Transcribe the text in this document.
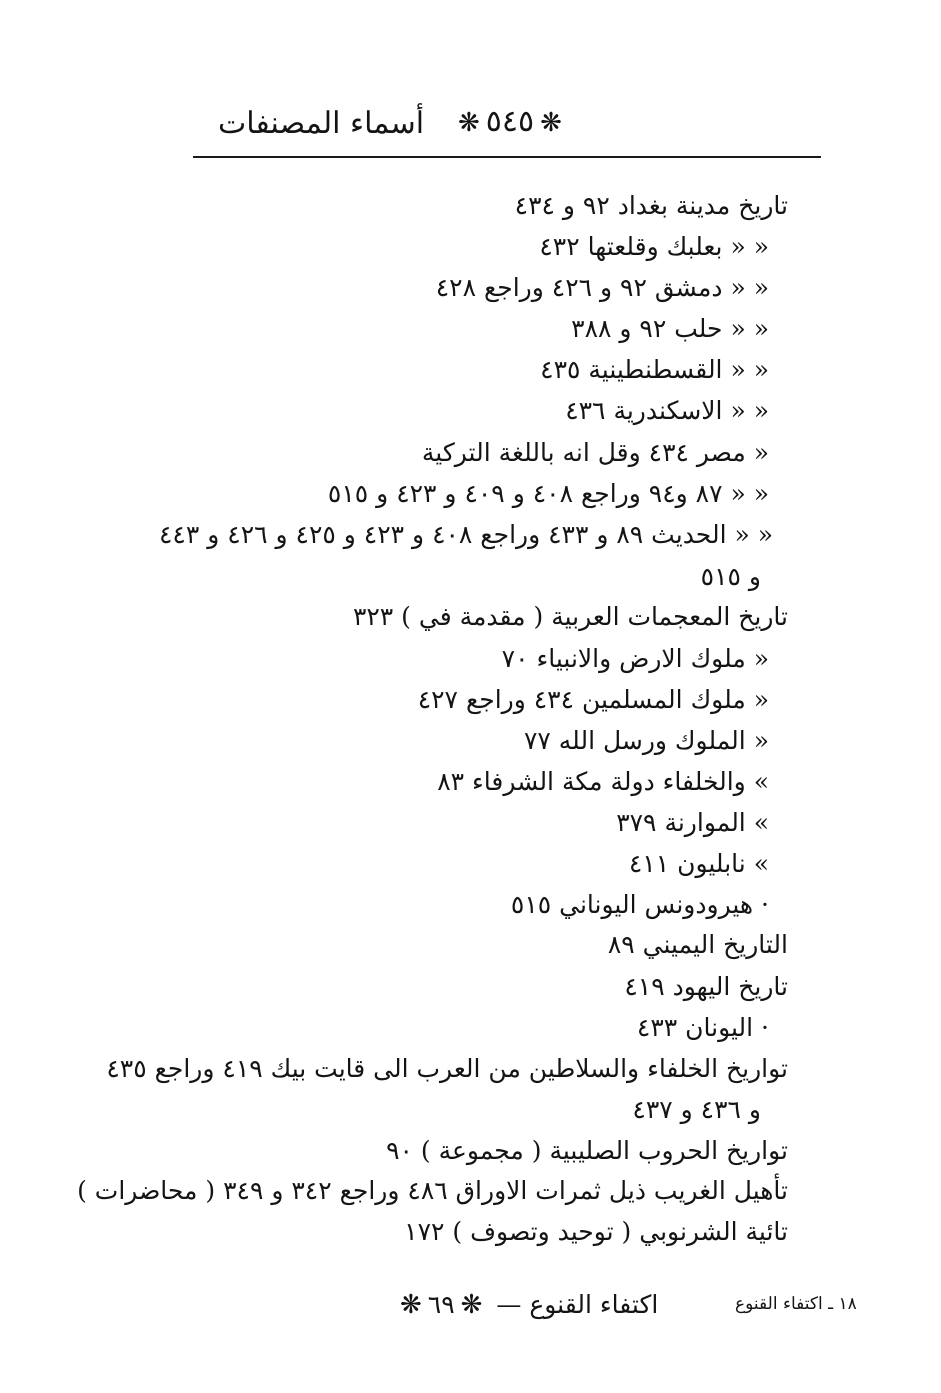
أسماء المصنفات	❋٥٤٥❋
تاريخ مدينة بغداد ٩٢ و ٤٣٤
« « بعلبك وقلعتها ٤٣٢
« « دمشق ٩٢ و ٤٢٦ وراجع ٤٢٨
« « حلب ٩٢ و ٣٨٨
« « القسطنطينية ٤٣٥
« « الاسكندرية ٤٣٦
« مصر ٤٣٤ وقل انه باللغة التركية
« « ٨٧ و٩٤ وراجع ٤٠٨ و ٤٠٩ و ٤٢٣ و ٥١٥
« « الحديث ٨٩ و ٤٣٣ وراجع ٤٠٨ و ٤٢٣ و ٤٢٥ و ٤٢٦ و ٤٤٣
و ٥١٥
تاريخ المعجمات العربية ( مقدمة في ) ٣٢٣
« ملوك الارض والانبياء ٧٠
« ملوك المسلمين ٤٣٤ وراجع ٤٢٧
« الملوك ورسل الله ٧٧
» والخلفاء دولة مكة الشرفاء ٨٣
» الموارنة ٣٧٩
» نابليون ٤١١
· هيرودونس اليوناني ٥١٥
التاريخ اليميني ٨٩
تاريخ اليهود ٤١٩
· اليونان ٤٣٣
تواريخ الخلفاء والسلاطين من العرب الى قايت بيك ٤١٩ وراجع ٤٣٥
و ٤٣٦ و ٤٣٧
تواريخ الحروب الصليبية ( مجموعة ) ٩٠
تأهيل الغريب ذيل ثمرات الاوراق ٤٨٦ وراجع ٣٤٢ و ٣٤٩ ( محاضرات )
تائية الشرنوبي ( توحيد وتصوف ) ١٧٢
اكتفاء القنوع — ❋٦٩❋	١٨ ـ اكتفاء القنوع
